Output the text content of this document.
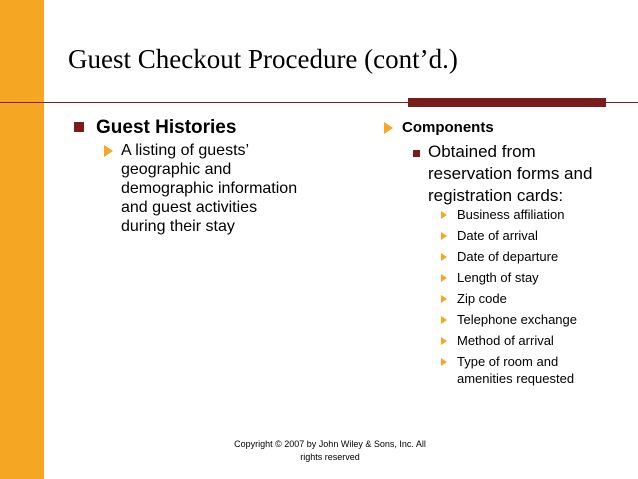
Guest Checkout Procedure (cont’d.)
Guest Histories
A listing of guests’
geographic and
demographic information
and guest activities
during their stay
Components
Obtained from
reservation forms and
registration cards:
Business affiliation
Date of arrival
Date of departure
Length of stay
Zip code
Telephone exchange
Method of arrival
Type of room and
amenities requested
Copyright © 2007 by John Wiley & Sons, Inc. All
rights reserved
